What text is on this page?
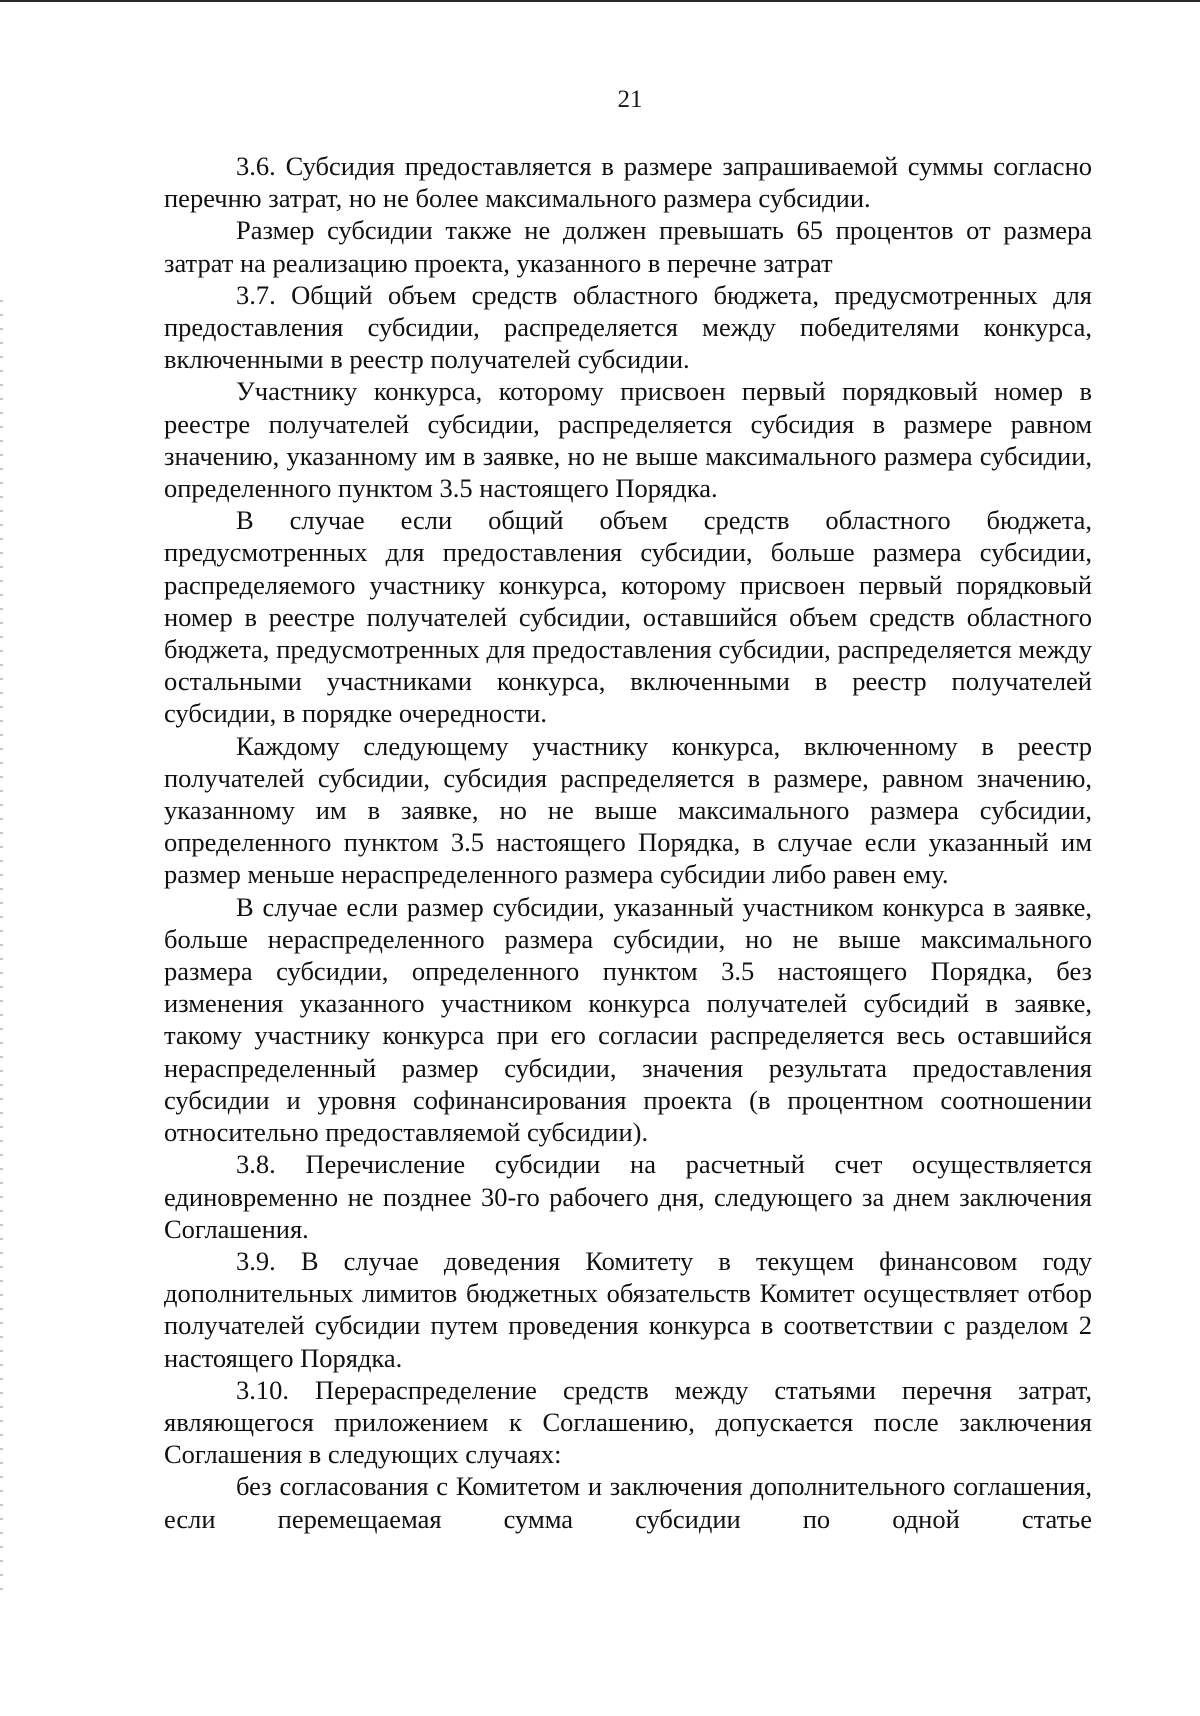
21

3.6. Субсидия предоставляется в размере запрашиваемой суммы согласно перечню затрат, но не более максимального размера субсидии.

Размер субсидии также не должен превышать 65 процентов от размера затрат на реализацию проекта, указанного в перечне затрат

3.7. Общий объем средств областного бюджета, предусмотренных для предоставления субсидии, распределяется между победителями конкурса, включенными в реестр получателей субсидии.

Участнику конкурса, которому присвоен первый порядковый номер в реестре получателей субсидии, распределяется субсидия в размере равном значению, указанному им в заявке, но не выше максимального размера субсидии, определенного пунктом 3.5 настоящего Порядка.

В случае если общий объем средств областного бюджета, предусмотренных для предоставления субсидии, больше размера субсидии, распределяемого участнику конкурса, которому присвоен первый порядковый номер в реестре получателей субсидии, оставшийся объем средств областного бюджета, предусмотренных для предоставления субсидии, распределяется между остальными участниками конкурса, включенными в реестр получателей субсидии, в порядке очередности.

Каждому следующему участнику конкурса, включенному в реестр получателей субсидии, субсидия распределяется в размере, равном значению, указанному им в заявке, но не выше максимального размера субсидии, определенного пунктом 3.5 настоящего Порядка, в случае если указанный им размер меньше нераспределенного размера субсидии либо равен ему.

В случае если размер субсидии, указанный участником конкурса в заявке, больше нераспределенного размера субсидии, но не выше максимального размера субсидии, определенного пунктом 3.5 настоящего Порядка, без изменения указанного участником конкурса получателей субсидий в заявке, такому участнику конкурса при его согласии распределяется весь оставшийся нераспределенный размер субсидии, значения результата предоставления субсидии и уровня софинансирования проекта (в процентном соотношении относительно предоставляемой субсидии).

3.8. Перечисление субсидии на расчетный счет осуществляется единовременно не позднее 30-го рабочего дня, следующего за днем заключения Соглашения.

3.9. В случае доведения Комитету в текущем финансовом году дополнительных лимитов бюджетных обязательств Комитет осуществляет отбор получателей субсидии путем проведения конкурса в соответствии с разделом 2 настоящего Порядка.

3.10. Перераспределение средств между статьями перечня затрат, являющегося приложением к Соглашению, допускается после заключения Соглашения в следующих случаях:

без согласования с Комитетом и заключения дополнительного соглашения, если перемещаемая сумма субсидии по одной статье
